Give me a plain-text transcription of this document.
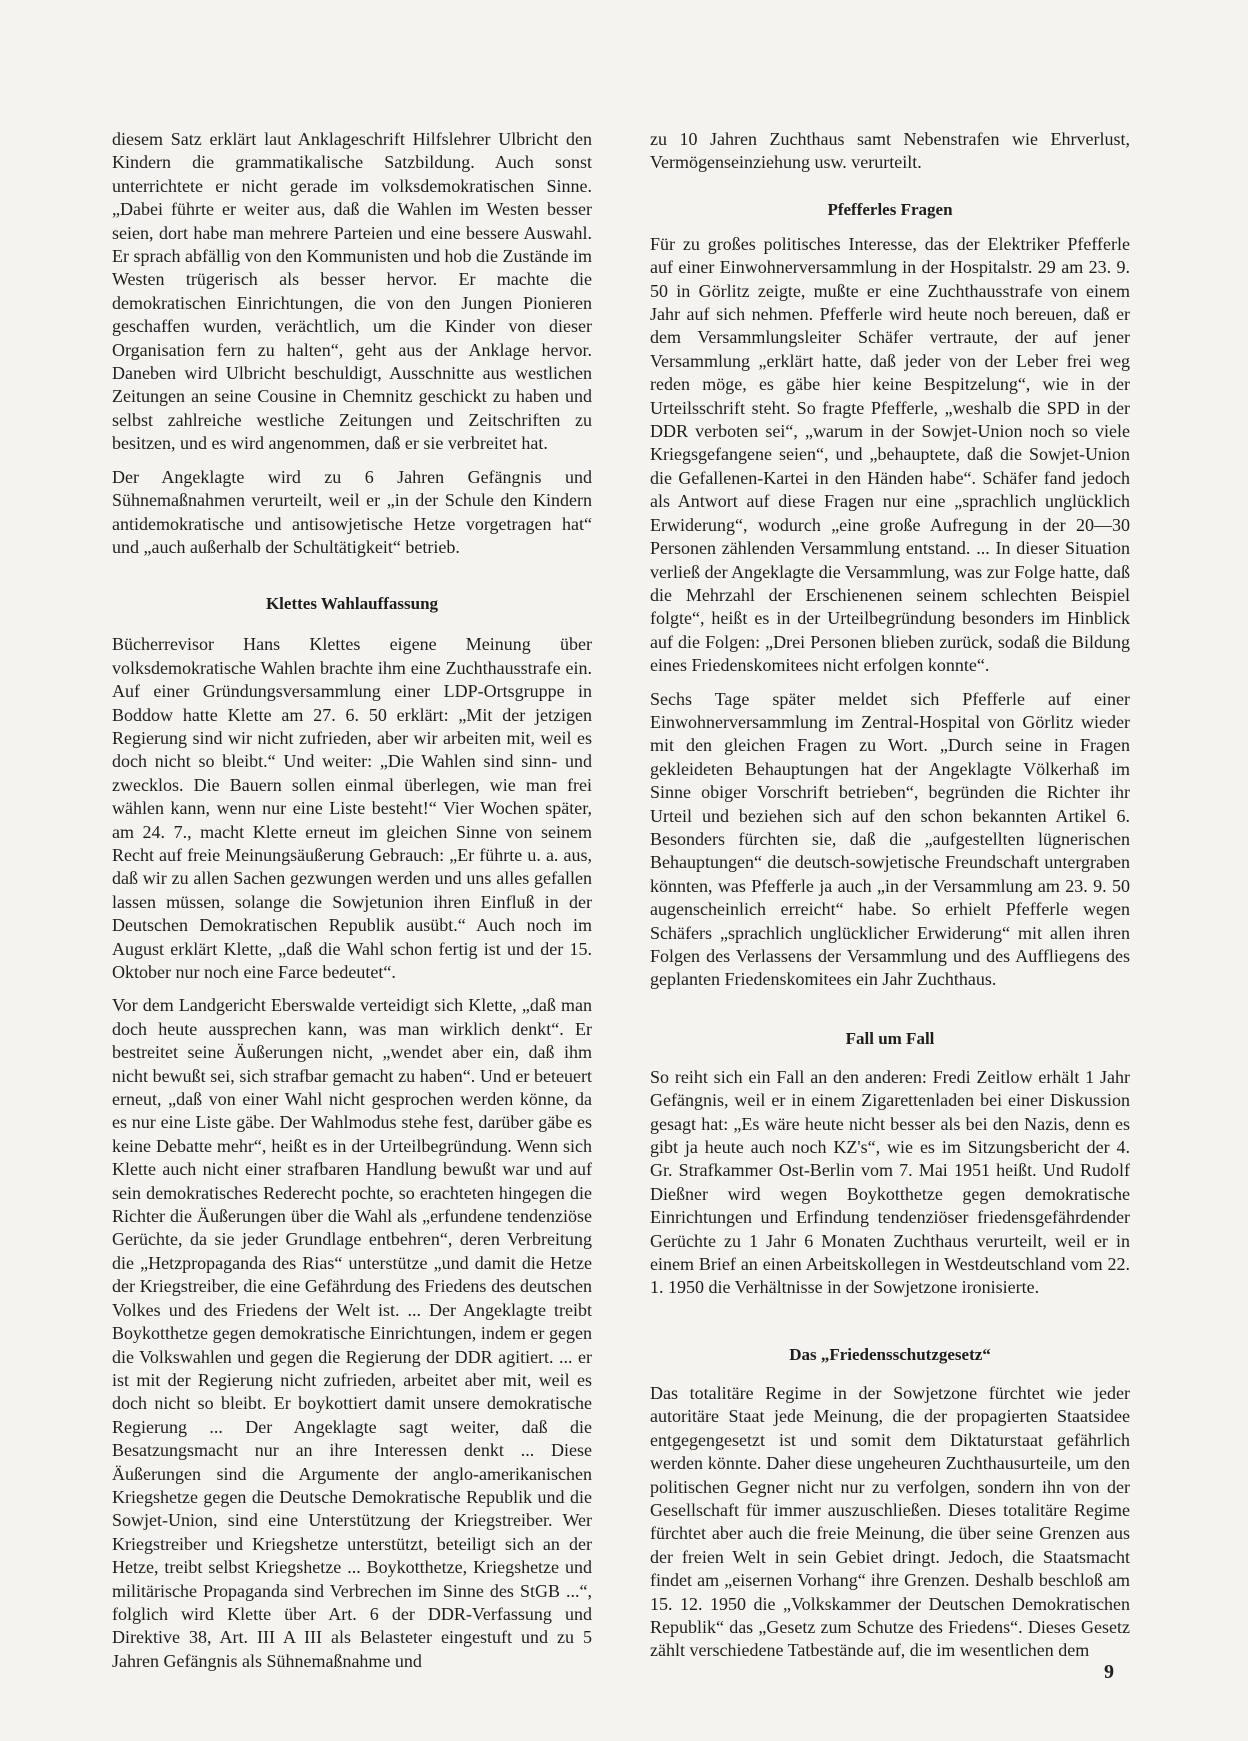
diesem Satz erklärt laut Anklageschrift Hilfslehrer Ulbricht den Kindern die grammatikalische Satzbildung. Auch sonst unterrichtete er nicht gerade im volksdemokratischen Sinne. „Dabei führte er weiter aus, daß die Wahlen im Westen besser seien, dort habe man mehrere Parteien und eine bessere Auswahl. Er sprach abfällig von den Kommunisten und hob die Zustände im Westen trügerisch als besser hervor. Er machte die demokratischen Einrichtungen, die von den Jungen Pionieren geschaffen wurden, verächtlich, um die Kinder von dieser Organisation fern zu halten“, geht aus der Anklage hervor. Daneben wird Ulbricht beschuldigt, Ausschnitte aus westlichen Zeitungen an seine Cousine in Chemnitz geschickt zu haben und selbst zahlreiche westliche Zeitungen und Zeitschriften zu besitzen, und es wird angenommen, daß er sie verbreitet hat.

Der Angeklagte wird zu 6 Jahren Gefängnis und Sühnemaßnahmen verurteilt, weil er „in der Schule den Kindern antidemokratische und antisowjetische Hetze vorgetragen hat“ und „auch außerhalb der Schultätigkeit“ betrieb.

Klettes Wahlauffassung

Bücherrevisor Hans Klettes eigene Meinung über volksdemokratische Wahlen brachte ihm eine Zuchthausstrafe ein. Auf einer Gründungsversammlung einer LDP-Ortsgruppe in Boddow hatte Klette am 27. 6. 50 erklärt: „Mit der jetzigen Regierung sind wir nicht zufrieden, aber wir arbeiten mit, weil es doch nicht so bleibt.“ Und weiter: „Die Wahlen sind sinn- und zwecklos. Die Bauern sollen einmal überlegen, wie man frei wählen kann, wenn nur eine Liste besteht!“ Vier Wochen später, am 24. 7., macht Klette erneut im gleichen Sinne von seinem Recht auf freie Meinungsäußerung Gebrauch: „Er führte u. a. aus, daß wir zu allen Sachen gezwungen werden und uns alles gefallen lassen müssen, solange die Sowjetunion ihren Einfluß in der Deutschen Demokratischen Republik ausübt.“ Auch noch im August erklärt Klette, „daß die Wahl schon fertig ist und der 15. Oktober nur noch eine Farce bedeutet“.

Vor dem Landgericht Eberswalde verteidigt sich Klette, „daß man doch heute aussprechen kann, was man wirklich denkt“. Er bestreitet seine Äußerungen nicht, „wendet aber ein, daß ihm nicht bewußt sei, sich strafbar gemacht zu haben“. Und er beteuert erneut, „daß von einer Wahl nicht gesprochen werden könne, da es nur eine Liste gäbe. Der Wahlmodus stehe fest, darüber gäbe es keine Debatte mehr“, heißt es in der Urteilbegründung. Wenn sich Klette auch nicht einer strafbaren Handlung bewußt war und auf sein demokratisches Rederecht pochte, so erachteten hingegen die Richter die Äußerungen über die Wahl als „erfundene tendenziöse Gerüchte, da sie jeder Grundlage entbehren“, deren Verbreitung die „Hetzpropaganda des Rias“ unterstütze „und damit die Hetze der Kriegstreiber, die eine Gefährdung des Friedens des deutschen Volkes und des Friedens der Welt ist. ... Der Angeklagte treibt Boykotthetze gegen demokratische Einrichtungen, indem er gegen die Volkswahlen und gegen die Regierung der DDR agitiert. ... er ist mit der Regierung nicht zufrieden, arbeitet aber mit, weil es doch nicht so bleibt. Er boykottiert damit unsere demokratische Regierung ... Der Angeklagte sagt weiter, daß die Besatzungsmacht nur an ihre Interessen denkt ... Diese Äußerungen sind die Argumente der anglo-amerikanischen Kriegshetze gegen die Deutsche Demokratische Republik und die Sowjet-Union, sind eine Unterstützung der Kriegstreiber. Wer Kriegstreiber und Kriegshetze unterstützt, beteiligt sich an der Hetze, treibt selbst Kriegshetze ... Boykotthetze, Kriegshetze und militärische Propaganda sind Verbrechen im Sinne des StGB ...“, folglich wird Klette über Art. 6 der DDR-Verfassung und Direktive 38, Art. III A III als Belasteter eingestuft und zu 5 Jahren Gefängnis als Sühnemaßnahme und

zu 10 Jahren Zuchthaus samt Nebenstrafen wie Ehrverlust, Vermögenseinziehung usw. verurteilt.

Pfefferles Fragen

Für zu großes politisches Interesse, das der Elektriker Pfefferle auf einer Einwohnerversammlung in der Hospitalstr. 29 am 23. 9. 50 in Görlitz zeigte, mußte er eine Zuchthausstrafe von einem Jahr auf sich nehmen. Pfefferle wird heute noch bereuen, daß er dem Versammlungsleiter Schäfer vertraute, der auf jener Versammlung „erklärt hatte, daß jeder von der Leber frei weg reden möge, es gäbe hier keine Bespitzelung“, wie in der Urteilsschrift steht. So fragte Pfefferle, „weshalb die SPD in der DDR verboten sei“, „warum in der Sowjet-Union noch so viele Kriegsgefangene seien“, und „behauptete, daß die Sowjet-Union die Gefallenen-Kartei in den Händen habe“. Schäfer fand jedoch als Antwort auf diese Fragen nur eine „sprachlich unglücklich Erwiderung“, wodurch „eine große Aufregung in der 20—30 Personen zählenden Versammlung entstand. ... In dieser Situation verließ der Angeklagte die Versammlung, was zur Folge hatte, daß die Mehrzahl der Erschienenen seinem schlechten Beispiel folgte“, heißt es in der Urteilbegründung besonders im Hinblick auf die Folgen: „Drei Personen blieben zurück, sodaß die Bildung eines Friedenskomitees nicht erfolgen konnte“.

Sechs Tage später meldet sich Pfefferle auf einer Einwohnerversammlung im Zentral-Hospital von Görlitz wieder mit den gleichen Fragen zu Wort. „Durch seine in Fragen gekleideten Behauptungen hat der Angeklagte Völkerhaß im Sinne obiger Vorschrift betrieben“, begründen die Richter ihr Urteil und beziehen sich auf den schon bekannten Artikel 6. Besonders fürchten sie, daß die „aufgestellten lügnerischen Behauptungen“ die deutsch-sowjetische Freundschaft untergraben könnten, was Pfefferle ja auch „in der Versammlung am 23. 9. 50 augenscheinlich erreicht“ habe. So erhielt Pfefferle wegen Schäfers „sprachlich unglücklicher Erwiderung“ mit allen ihren Folgen des Verlassens der Versammlung und des Auffliegens des geplanten Friedenskomitees ein Jahr Zuchthaus.

Fall um Fall

So reiht sich ein Fall an den anderen: Fredi Zeitlow erhält 1 Jahr Gefängnis, weil er in einem Zigarettenladen bei einer Diskussion gesagt hat: „Es wäre heute nicht besser als bei den Nazis, denn es gibt ja heute auch noch KZ's“, wie es im Sitzungsbericht der 4. Gr. Strafkammer Ost-Berlin vom 7. Mai 1951 heißt. Und Rudolf Dießner wird wegen Boykotthetze gegen demokratische Einrichtungen und Erfindung tendenziöser friedensgefährdender Gerüchte zu 1 Jahr 6 Monaten Zuchthaus verurteilt, weil er in einem Brief an einen Arbeitskollegen in Westdeutschland vom 22. 1. 1950 die Verhältnisse in der Sowjetzone ironisierte.

Das „Friedensschutzgesetz“

Das totalitäre Regime in der Sowjetzone fürchtet wie jeder autoritäre Staat jede Meinung, die der propagierten Staatsidee entgegengesetzt ist und somit dem Diktaturstaat gefährlich werden könnte. Daher diese ungeheuren Zuchthausurteile, um den politischen Gegner nicht nur zu verfolgen, sondern ihn von der Gesellschaft für immer auszuschließen. Dieses totalitäre Regime fürchtet aber auch die freie Meinung, die über seine Grenzen aus der freien Welt in sein Gebiet dringt. Jedoch, die Staatsmacht findet am „eisernen Vorhang“ ihre Grenzen. Deshalb beschloß am 15. 12. 1950 die „Volkskammer der Deutschen Demokratischen Republik“ das „Gesetz zum Schutze des Friedens“. Dieses Gesetz zählt verschiedene Tatbestände auf, die im wesentlichen dem

9
